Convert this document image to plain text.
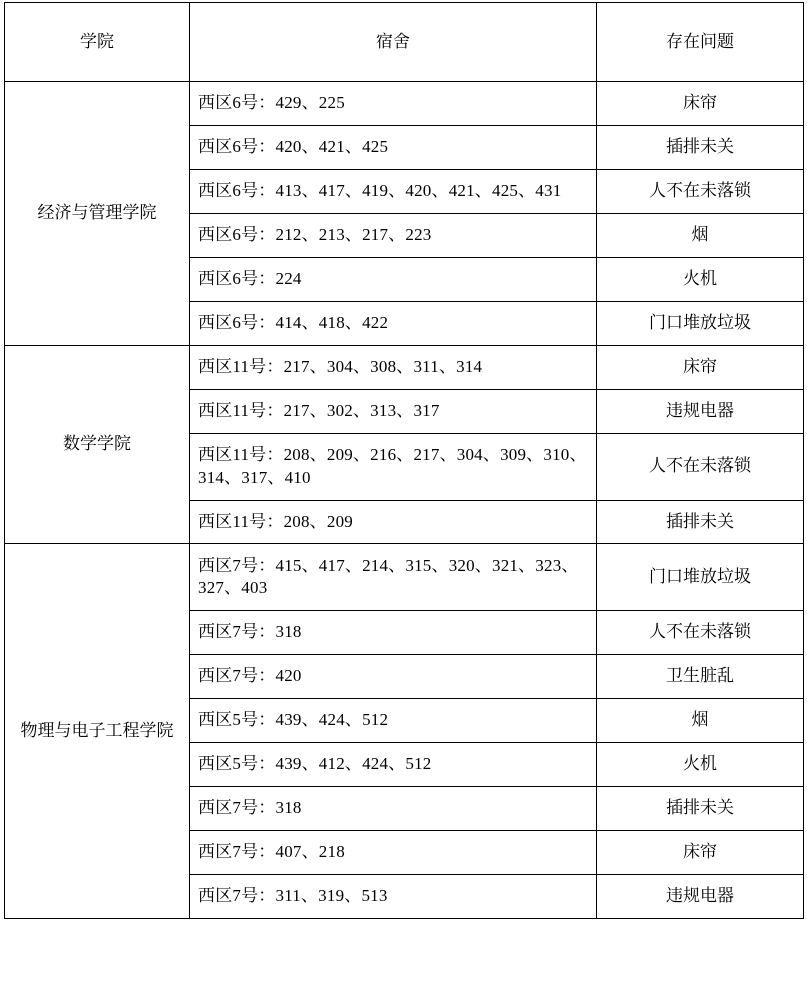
学院	宿舍	存在问题
经济与管理学院	西区6号：429、225	床帘
	西区6号：420、421、425	插排未关
	西区6号：413、417、419、420、421、425、431	人不在未落锁
	西区6号：212、213、217、223	烟
	西区6号：224	火机
	西区6号：414、418、422	门口堆放垃圾
数学学院	西区11号：217、304、308、311、314	床帘
	西区11号：217、302、313、317	违规电器
	西区11号：208、209、216、217、304、309、310、314、317、410	人不在未落锁
	西区11号：208、209	插排未关
物理与电子工程学院	西区7号：415、417、214、315、320、321、323、327、403	门口堆放垃圾
	西区7号：318	人不在未落锁
	西区7号：420	卫生脏乱
	西区5号：439、424、512	烟
	西区5号：439、412、424、512	火机
	西区7号：318	插排未关
	西区7号：407、218	床帘
	西区7号：311、319、513	违规电器
